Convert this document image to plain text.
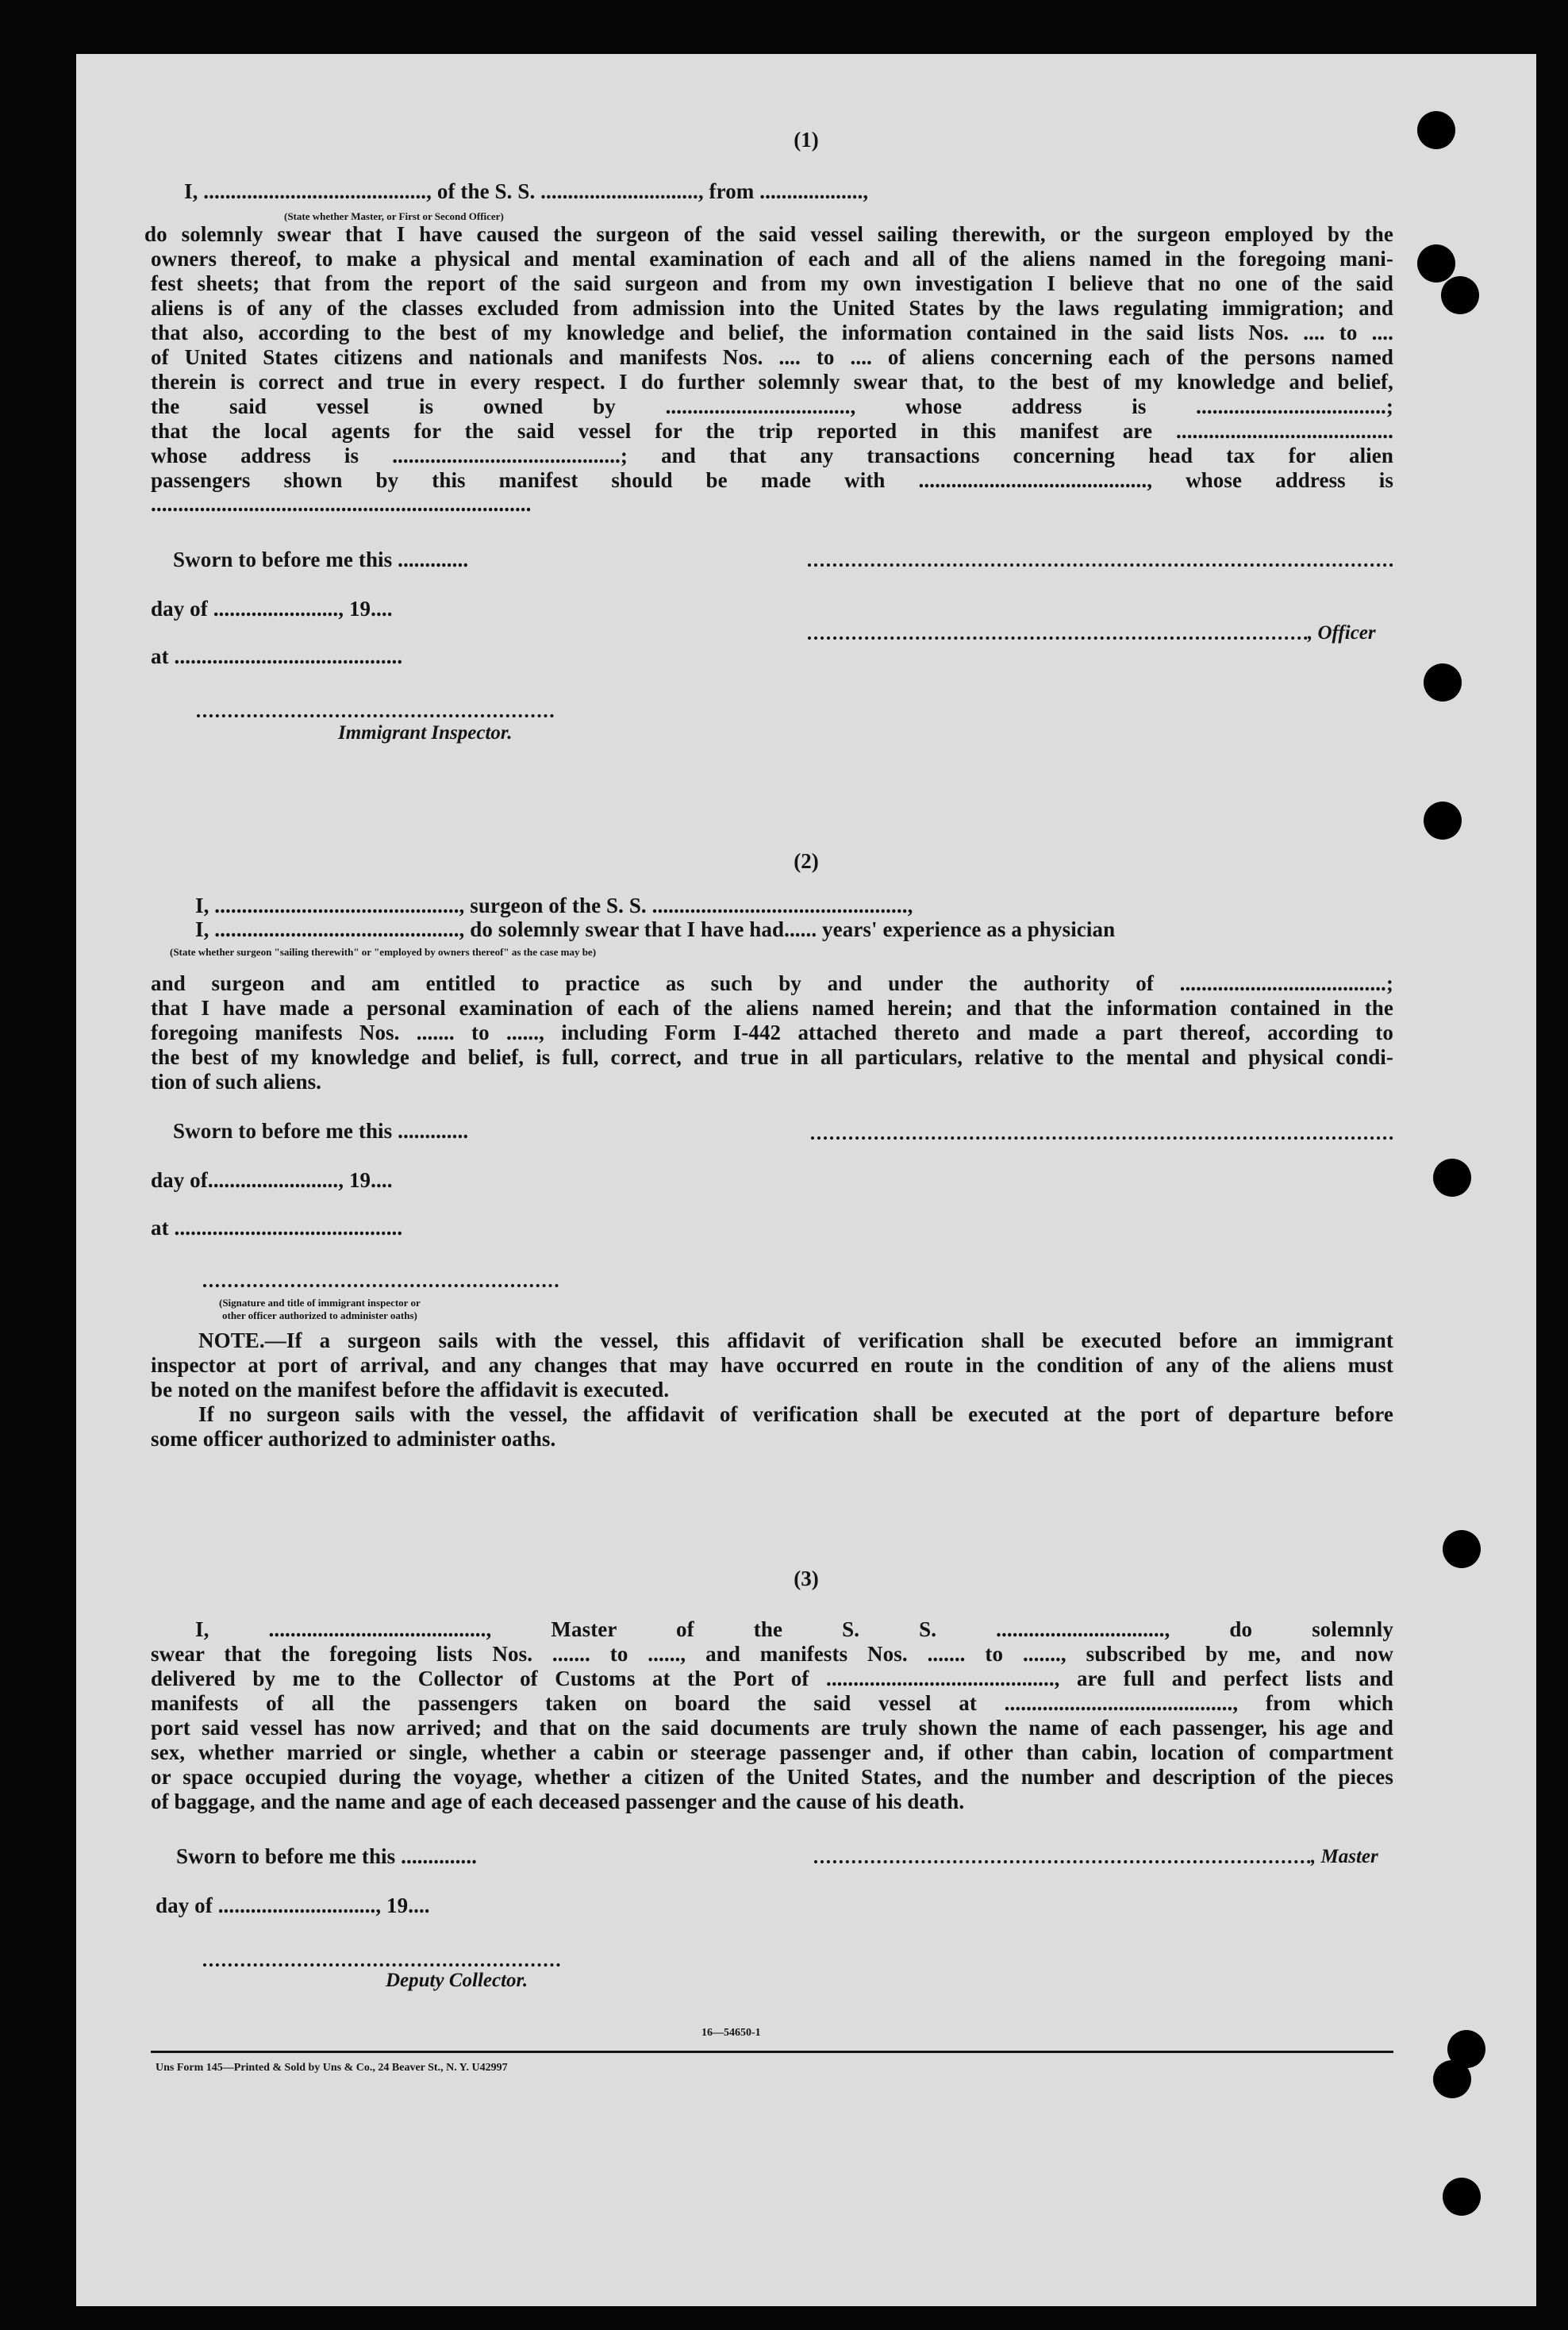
(1)
I, ........................................., of the S. S. ............................., from ...................,
(State whether Master, or First or Second Officer)
do solemnly swear that I have caused the surgeon of the said vessel sailing therewith, or the surgeon employed by the
owners thereof, to make a physical and mental examination of each and all of the aliens named in the foregoing mani-
fest sheets; that from the report of the said surgeon and from my own investigation I believe that no one of the said
aliens is of any of the classes excluded from admission into the United States by the laws regulating immigration; and
that also, according to the best of my knowledge and belief, the information contained in the said lists Nos. .... to ....
of United States citizens and nationals and manifests Nos. .... to .... of aliens concerning each of the persons named
therein is correct and true in every respect. I do further solemnly swear that, to the best of my knowledge and belief,
the said vessel is owned by .................................., whose address is ...................................;
that the local agents for the said vessel for the trip reported in this manifest are ........................................
whose address is ..........................................; and that any transactions concerning head tax for alien
passengers shown by this manifest should be made with .........................................., whose address is
......................................................................
Sworn to before me this .............
day of ......................., 19....
, Officer
at ..........................................
Immigrant Inspector.
(2)
I, ............................................., surgeon of the S. S. ...............................................,
I, ............................................., do solemnly swear that I have had...... years' experience as a physician
(State whether surgeon "sailing therewith" or "employed by owners thereof" as the case may be)
and surgeon and am entitled to practice as such by and under the authority of ......................................;
that I have made a personal examination of each of the aliens named herein; and that the information contained in the
foregoing manifests Nos. ....... to ......, including Form I-442 attached thereto and made a part thereof, according to
the best of my knowledge and belief, is full, correct, and true in all particulars, relative to the mental and physical condi-
tion of such aliens.
Sworn to before me this .............
day of........................, 19....
at ..........................................
(Signature and title of immigrant inspector or
other officer authorized to administer oaths)
NOTE.—If a surgeon sails with the vessel, this affidavit of verification shall be executed before an immigrant
inspector at port of arrival, and any changes that may have occurred en route in the condition of any of the aliens must
be noted on the manifest before the affidavit is executed.
If no surgeon sails with the vessel, the affidavit of verification shall be executed at the port of departure before
some officer authorized to administer oaths.
(3)
I, ........................................, Master of the S. S. ..............................., do solemnly
swear that the foregoing lists Nos. ....... to ......, and manifests Nos. ....... to ......., subscribed by me, and now
delivered by me to the Collector of Customs at the Port of .........................................., are full and perfect lists and
manifests of all the passengers taken on board the said vessel at .........................................., from which
port said vessel has now arrived; and that on the said documents are truly shown the name of each passenger, his age and
sex, whether married or single, whether a cabin or steerage passenger and, if other than cabin, location of compartment
or space occupied during the voyage, whether a citizen of the United States, and the number and description of the pieces
of baggage, and the name and age of each deceased passenger and the cause of his death.
Sworn to before me this ..............	, Master
day of ............................., 19....
Deputy Collector.
16—54650-1
Uns Form 145—Printed & Sold by Uns & Co., 24 Beaver St., N. Y. U42997
